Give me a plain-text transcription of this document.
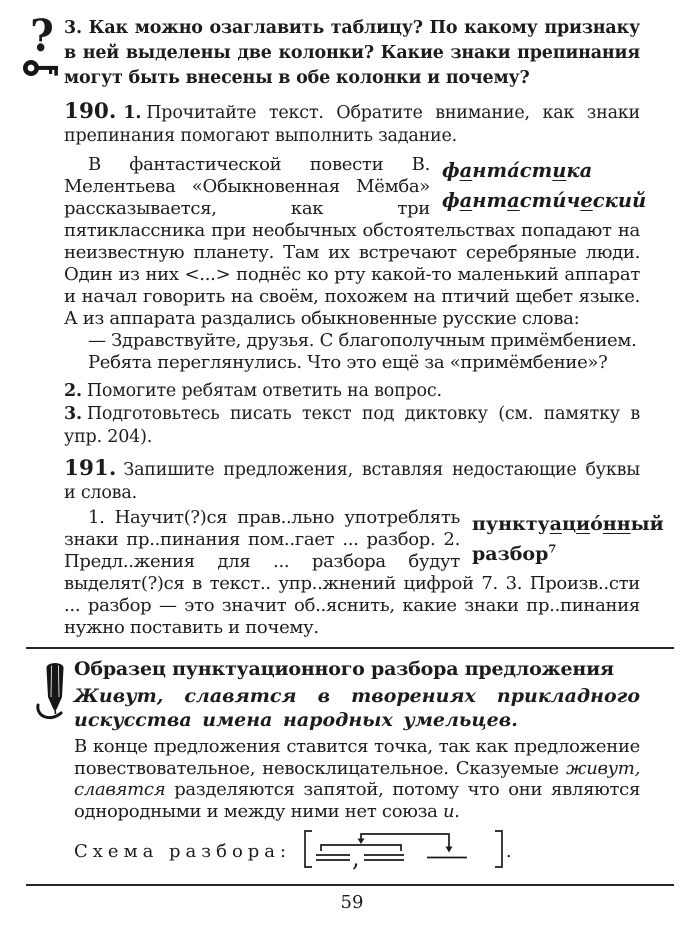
? 3. Как можно озаглавить таблицу? По какому признаку в ней выделены две колонки? Какие знаки препинания могут быть внесены в обе колонки и почему?

190. 1. Прочитайте текст. Обратите внимание, как знаки препинания помогают выполнить задание.

фанта́стика
фантасти́ческий

В фантастической повести В. Мелентьева «Обыкновенная Мёмба» рассказывается, как три пятиклассника при необычных обстоятельствах попадают на неизвестную планету. Там их встречают серебряные люди. Один из них <...> поднёс ко рту какой-то маленький аппарат и начал говорить на своём, похожем на птичий щебет языке. А из аппарата раздались обыкновенные русские слова:

— Здравствуйте, друзья. С благополучным примёмбением.

Ребята переглянулись. Что это ещё за «примёмбение»?

2. Помогите ребятам ответить на вопрос.

3. Подготовьтесь писать текст под диктовку (см. памятку в упр. 204).

191. Запишите предложения, вставляя недостающие буквы и слова.

пунктуацио́нный
разбор$^7$

1. Научит(?)ся прав..льно употреблять знаки пр..пинания пом..гает ... разбор. 2. Предл..жения для ... разбора будут выделят(?)ся в текст.. упр..жнений цифрой 7. 3. Произв..сти ... разбор — это значит об..яснить, какие знаки пр..пинания нужно поставить и почему.

Образец пунктуационного разбора предложения

Живут, славятся в творениях прикладного искусства имена народных умельцев.

В конце предложения ставится точка, так как предложение повествовательное, невосклицательное. Сказуемые живут, славятся разделяются запятой, потому что они являются однородными и между ними нет союза и.

Схема разбора:	,	.
59
